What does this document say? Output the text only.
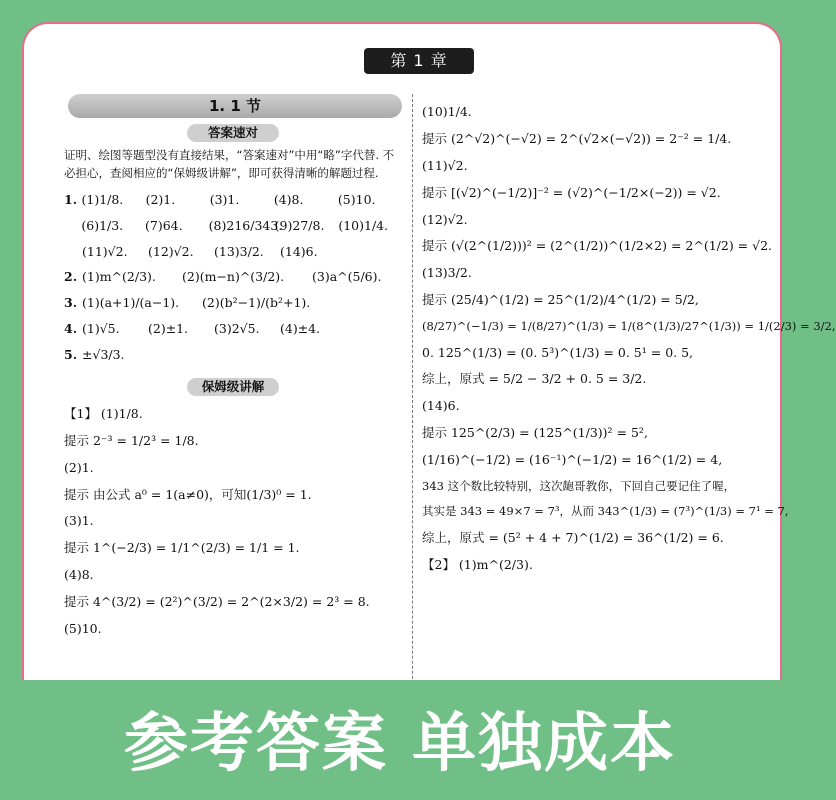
第 1 章
1. 1 节
答案速对
证明、绘图等题型没有直接结果，“答案速对”中用“略”字代替. 不必担心，查阅相应的“保姆级讲解”，即可获得清晰的解题过程.
1. (1)1/8.	(2)1.	(3)1.	(4)8.	(5)10.
(6)1/3.	(7)64.	(8)216/343.
(9)27/8.	(10)1/4.
(11)√2.	(12)√2.	(13)3/2.	(14)6.
2. (1)m^(2/3).	(2)(m−n)^(3/2).	(3)a^(5/6).
3. (1)(a+1)/(a−1).	(2)(b²−1)/(b²+1).
4. (1)√5.	(2)±1.	(3)2√5.	(4)±4.
5. ±√3/3.
保姆级讲解
【1】 (1)1/8.
提示 2⁻³ = 1/2³ = 1/8.
(2)1.
提示 由公式 a⁰ = 1(a≠0)，可知(1/3)⁰ = 1.
(3)1.
提示 1^(−2/3) = 1/1^(2/3) = 1/1 = 1.
(4)8.
提示 4^(3/2) = (2²)^(3/2) = 2^(2×3/2) = 2³ = 8.
(5)10.
(10)1/4.
提示 (2^√2)^(−√2) = 2^(√2×(−√2)) = 2⁻² = 1/4.
(11)√2.
提示 [(√2)^(−1/2)]⁻² = (√2)^(−1/2×(−2)) = √2.
(12)√2.
提示 (√(2^(1/2)))² = (2^(1/2))^(1/2×2) = 2^(1/2) = √2.
(13)3/2.
提示 (25/4)^(1/2) = 25^(1/2)/4^(1/2) = 5/2,
(8/27)^(−1/3) = 1/(8/27)^(1/3) = 1/(8^(1/3)/27^(1/3)) = 1/(2/3) = 3/2,
0. 125^(1/3) = (0. 5³)^(1/3) = 0. 5¹ = 0. 5,
综上，原式 = 5/2 − 3/2 + 0. 5 = 3/2.
(14)6.
提示 125^(2/3) = (125^(1/3))² = 5²,
(1/16)^(−1/2) = (16⁻¹)^(−1/2) = 16^(1/2) = 4,
343 这个数比较特别，这次龅哥教你，下回自己要记住了喔，
其实是 343 = 49×7 = 7³，从而 343^(1/3) = (7³)^(1/3) = 7¹ = 7,
综上，原式 = (5² + 4 + 7)^(1/2) = 36^(1/2) = 6.
【2】 (1)m^(2/3).
参考答案 单独成本
